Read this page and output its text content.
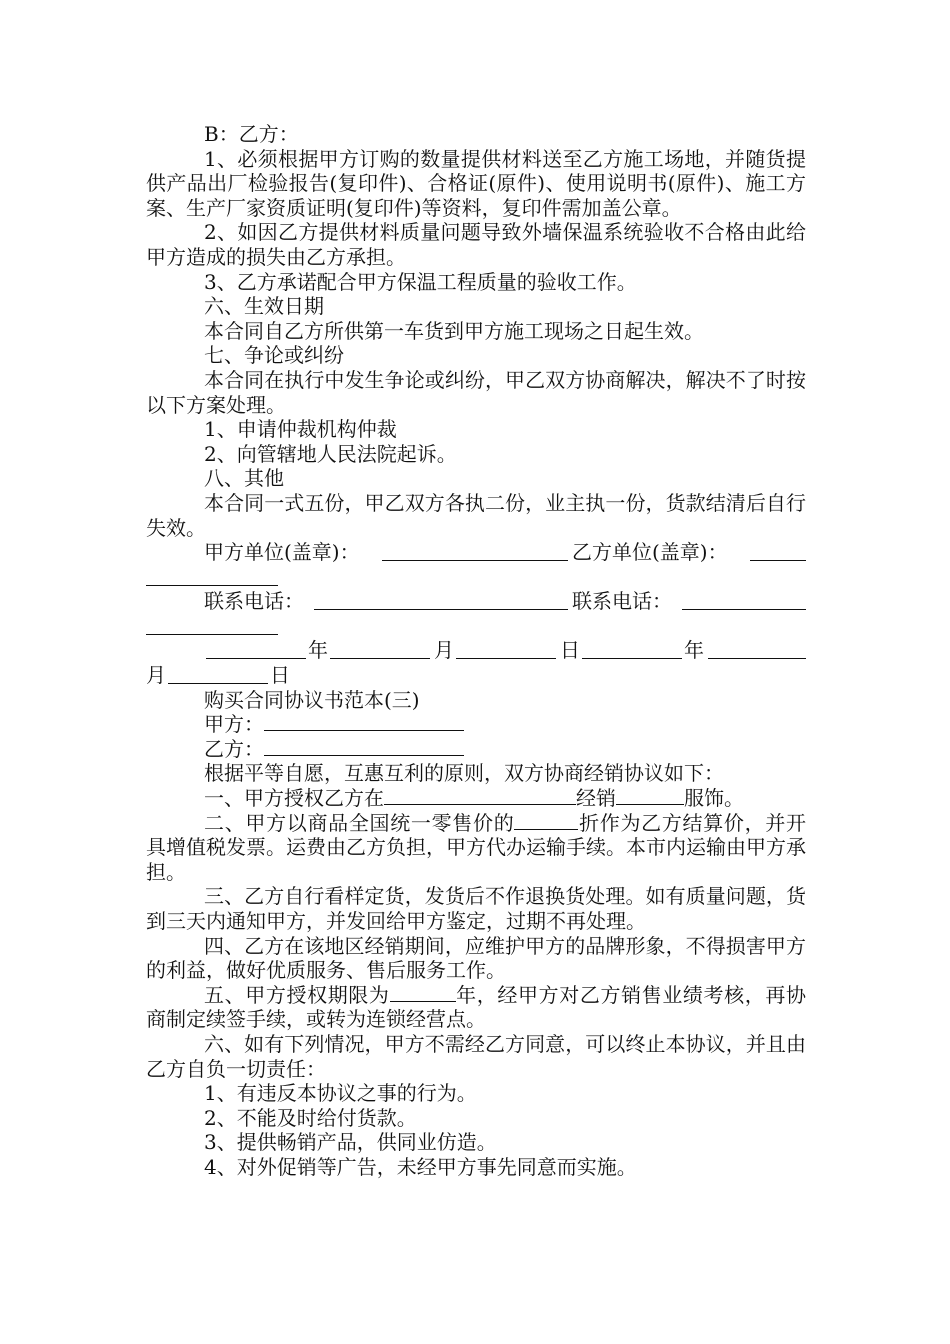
B：乙方：

1、必须根据甲方订购的数量提供材料送至乙方施工场地，并随货提供产品出厂检验报告(复印件)、合格证(原件)、使用说明书(原件)、施工方案、生产厂家资质证明(复印件)等资料，复印件需加盖公章。

2、如因乙方提供材料质量问题导致外墙保温系统验收不合格由此给甲方造成的损失由乙方承担。

3、乙方承诺配合甲方保温工程质量的验收工作。

六、生效日期

本合同自乙方所供第一车货到甲方施工现场之日起生效。

七、争论或纠纷

本合同在执行中发生争论或纠纷，甲乙双方协商解决，解决不了时按以下方案处理。

1、申请仲裁机构仲裁

2、向管辖地人民法院起诉。

八、其他

本合同一式五份，甲乙双方各执二份，业主执一份，货款结清后自行失效。

甲方单位(盖章)：	乙方单位(盖章)：
联系电话：	联系电话：
年	月	日	年
月	日

购买合同协议书范本(三)

甲方：

乙方：

根据平等自愿，互惠互利的原则，双方协商经销协议如下：

一、甲方授权乙方在	经销	服饰。

二、甲方以商品全国统一零售价的	折作为乙方结算价，并开具增值税发票。运费由乙方负担，甲方代办运输手续。本市内运输由甲方承担。

三、乙方自行看样定货，发货后不作退换货处理。如有质量问题，货到三天内通知甲方，并发回给甲方鉴定，过期不再处理。

四、乙方在该地区经销期间，应维护甲方的品牌形象，不得损害甲方的利益，做好优质服务、售后服务工作。

五、甲方授权期限为	年，经甲方对乙方销售业绩考核，再协商制定续签手续，或转为连锁经营点。

六、如有下列情况，甲方不需经乙方同意，可以终止本协议，并且由乙方自负一切责任：

1、有违反本协议之事的行为。

2、不能及时给付货款。

3、提供畅销产品，供同业仿造。

4、对外促销等广告，未经甲方事先同意而实施。
